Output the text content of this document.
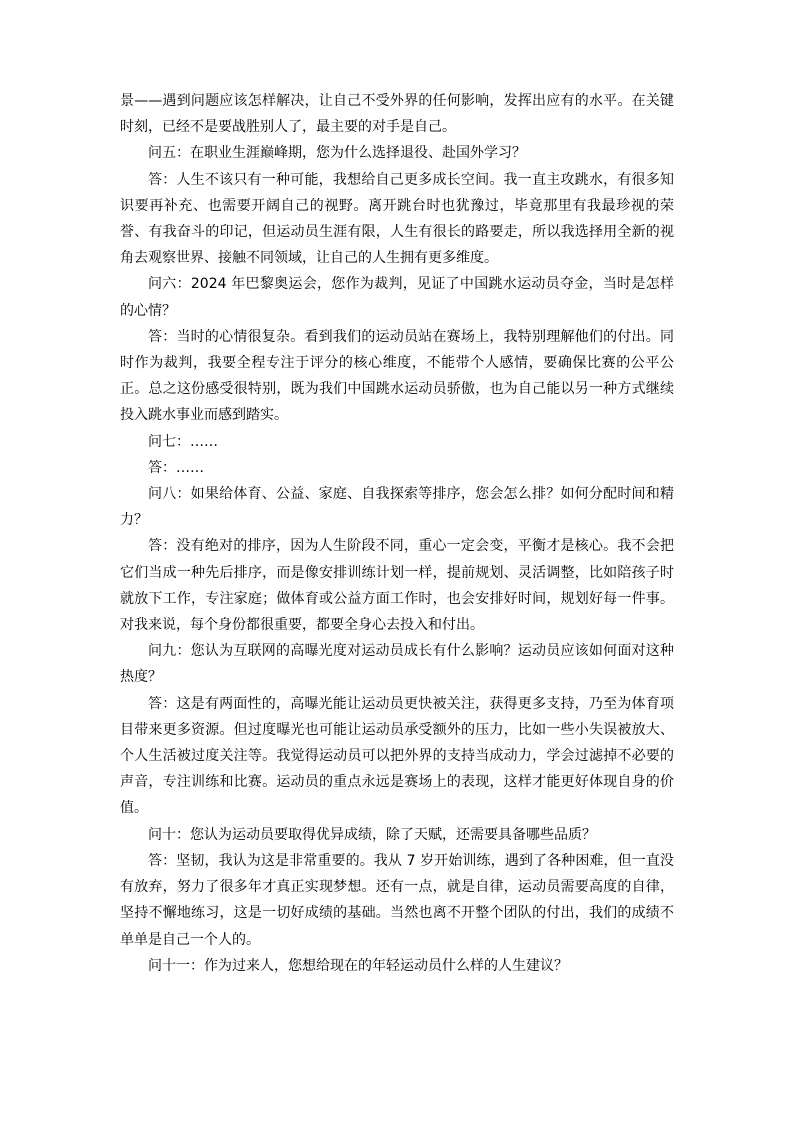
景——遇到问题应该怎样解决，让自己不受外界的任何影响，发挥出应有的水平。在关键时刻，已经不是要战胜别人了，最主要的对手是自己。

问五：在职业生涯巅峰期，您为什么选择退役、赴国外学习？

答：人生不该只有一种可能，我想给自己更多成长空间。我一直主攻跳水，有很多知识要再补充、也需要开阔自己的视野。离开跳台时也犹豫过，毕竟那里有我最珍视的荣誉、有我奋斗的印记，但运动员生涯有限，人生有很长的路要走，所以我选择用全新的视角去观察世界、接触不同领域，让自己的人生拥有更多维度。

问六：2024 年巴黎奥运会，您作为裁判，见证了中国跳水运动员夺金，当时是怎样的心情？

答：当时的心情很复杂。看到我们的运动员站在赛场上，我特别理解他们的付出。同时作为裁判，我要全程专注于评分的核心维度，不能带个人感情，要确保比赛的公平公正。总之这份感受很特别，既为我们中国跳水运动员骄傲，也为自己能以另一种方式继续投入跳水事业而感到踏实。

问七：……

答：……

问八：如果给体育、公益、家庭、自我探索等排序，您会怎么排？如何分配时间和精力？

答：没有绝对的排序，因为人生阶段不同，重心一定会变，平衡才是核心。我不会把它们当成一种先后排序，而是像安排训练计划一样，提前规划、灵活调整，比如陪孩子时就放下工作，专注家庭；做体育或公益方面工作时，也会安排好时间，规划好每一件事。对我来说，每个身份都很重要，都要全身心去投入和付出。

问九：您认为互联网的高曝光度对运动员成长有什么影响？运动员应该如何面对这种热度？

答：这是有两面性的，高曝光能让运动员更快被关注，获得更多支持，乃至为体育项目带来更多资源。但过度曝光也可能让运动员承受额外的压力，比如一些小失误被放大、个人生活被过度关注等。我觉得运动员可以把外界的支持当成动力，学会过滤掉不必要的声音，专注训练和比赛。运动员的重点永远是赛场上的表现，这样才能更好体现自身的价值。

问十：您认为运动员要取得优异成绩，除了天赋，还需要具备哪些品质？

答：坚韧，我认为这是非常重要的。我从 7 岁开始训练，遇到了各种困难，但一直没有放弃，努力了很多年才真正实现梦想。还有一点，就是自律，运动员需要高度的自律，坚持不懈地练习，这是一切好成绩的基础。当然也离不开整个团队的付出，我们的成绩不单单是自己一个人的。

问十一：作为过来人，您想给现在的年轻运动员什么样的人生建议？
